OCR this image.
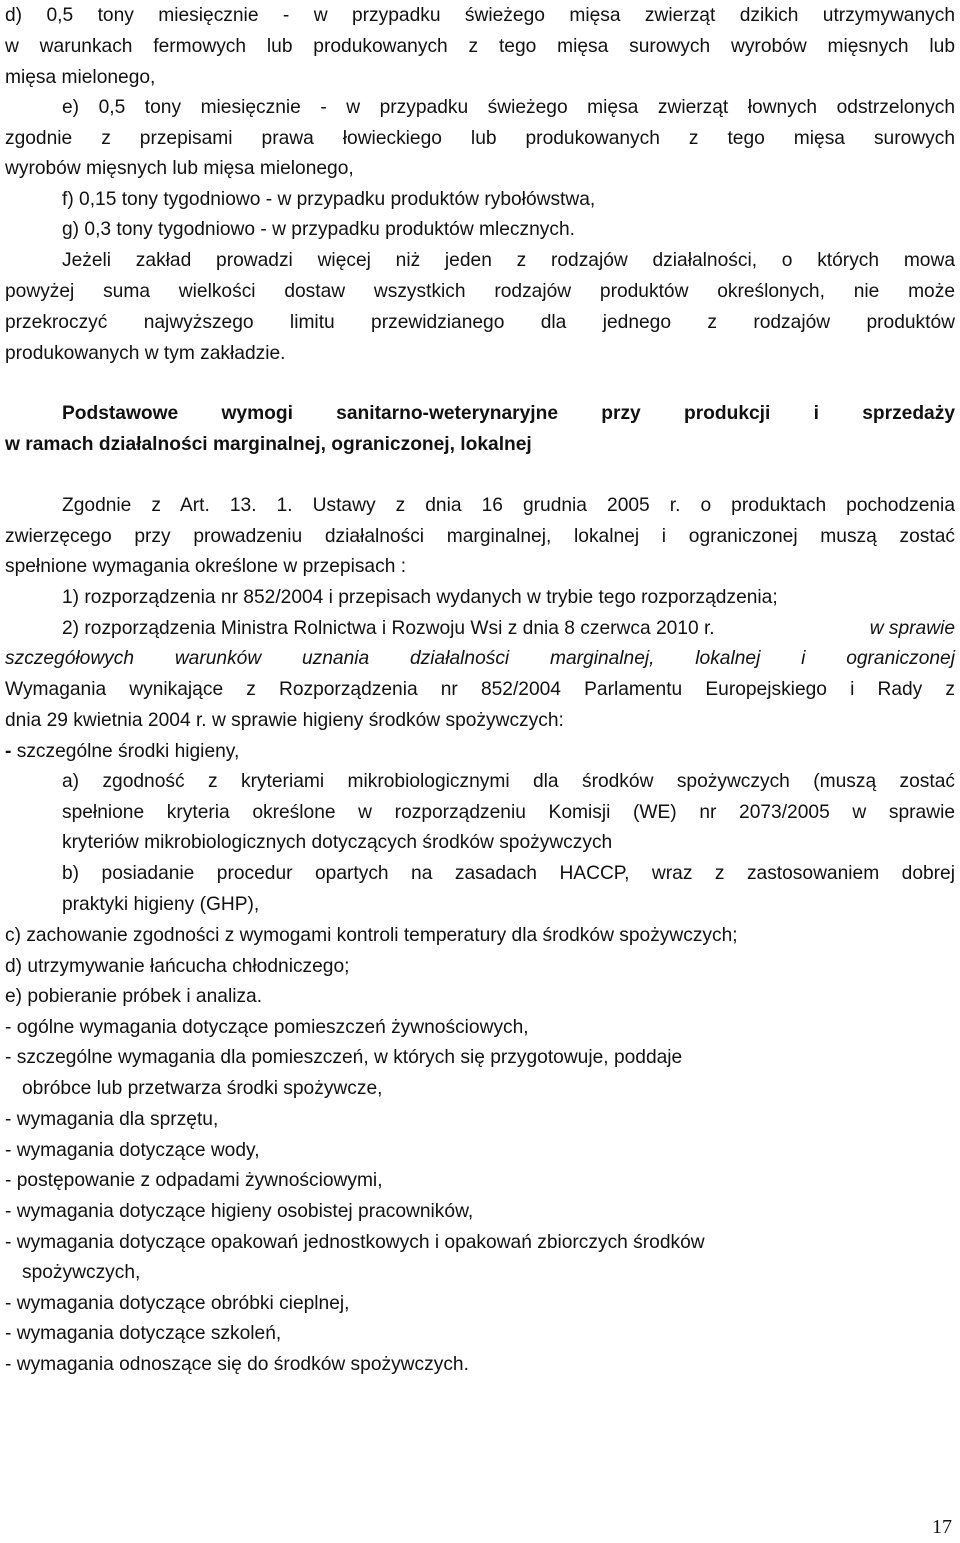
d) 0,5 tony miesięcznie - w przypadku świeżego mięsa zwierząt dzikich utrzymywanych
w warunkach fermowych lub produkowanych z tego mięsa surowych wyrobów mięsnych lub
mięsa mielonego,
e) 0,5 tony miesięcznie - w przypadku świeżego mięsa zwierząt łownych odstrzelonych
zgodnie z przepisami prawa łowieckiego lub produkowanych z tego mięsa surowych
wyrobów mięsnych lub mięsa mielonego,
f) 0,15 tony tygodniowo - w przypadku produktów rybołówstwa,
g) 0,3 tony tygodniowo - w przypadku produktów mlecznych.
Jeżeli zakład prowadzi więcej niż jeden z rodzajów działalności, o których mowa
powyżej suma wielkości dostaw wszystkich rodzajów produktów określonych, nie może
przekroczyć najwyższego limitu przewidzianego dla jednego z rodzajów produktów
produkowanych w tym zakładzie.
Podstawowe wymogi sanitarno-weterynaryjne przy produkcji i sprzedaży
w ramach działalności marginalnej, ograniczonej, lokalnej
Zgodnie z Art. 13. 1. Ustawy z dnia 16 grudnia 2005 r. o produktach pochodzenia
zwierzęcego przy prowadzeniu działalności marginalnej, lokalnej i ograniczonej muszą zostać
spełnione wymagania określone w przepisach :
1) rozporządzenia nr 852/2004 i przepisach wydanych w trybie tego rozporządzenia;
2) rozporządzenia Ministra Rolnictwa i Rozwoju Wsi z dnia 8 czerwca 2010 r.	w sprawie
szczegółowych warunków uznania działalności marginalnej, lokalnej i ograniczonej
Wymagania wynikające z Rozporządzenia nr 852/2004 Parlamentu Europejskiego i Rady z
dnia 29 kwietnia 2004 r. w sprawie higieny środków spożywczych:
- szczególne środki higieny,
a) zgodność z kryteriami mikrobiologicznymi dla środków spożywczych (muszą zostać
spełnione kryteria określone w rozporządzeniu Komisji (WE) nr 2073/2005 w sprawie
kryteriów mikrobiologicznych dotyczących środków spożywczych
b) posiadanie procedur opartych na zasadach HACCP, wraz z zastosowaniem dobrej
praktyki higieny (GHP),
c) zachowanie zgodności z wymogami kontroli temperatury dla środków spożywczych;
d) utrzymywanie łańcucha chłodniczego;
e) pobieranie próbek i analiza.
- ogólne wymagania dotyczące pomieszczeń żywnościowych,
- szczególne wymagania dla pomieszczeń, w których się przygotowuje, poddaje
obróbce lub przetwarza środki spożywcze,
- wymagania dla sprzętu,
- wymagania dotyczące wody,
- postępowanie z odpadami żywnościowymi,
- wymagania dotyczące higieny osobistej pracowników,
- wymagania dotyczące opakowań jednostkowych i opakowań zbiorczych środków
spożywczych,
- wymagania dotyczące obróbki cieplnej,
- wymagania dotyczące szkoleń,
- wymagania odnoszące się do środków spożywczych.
17
